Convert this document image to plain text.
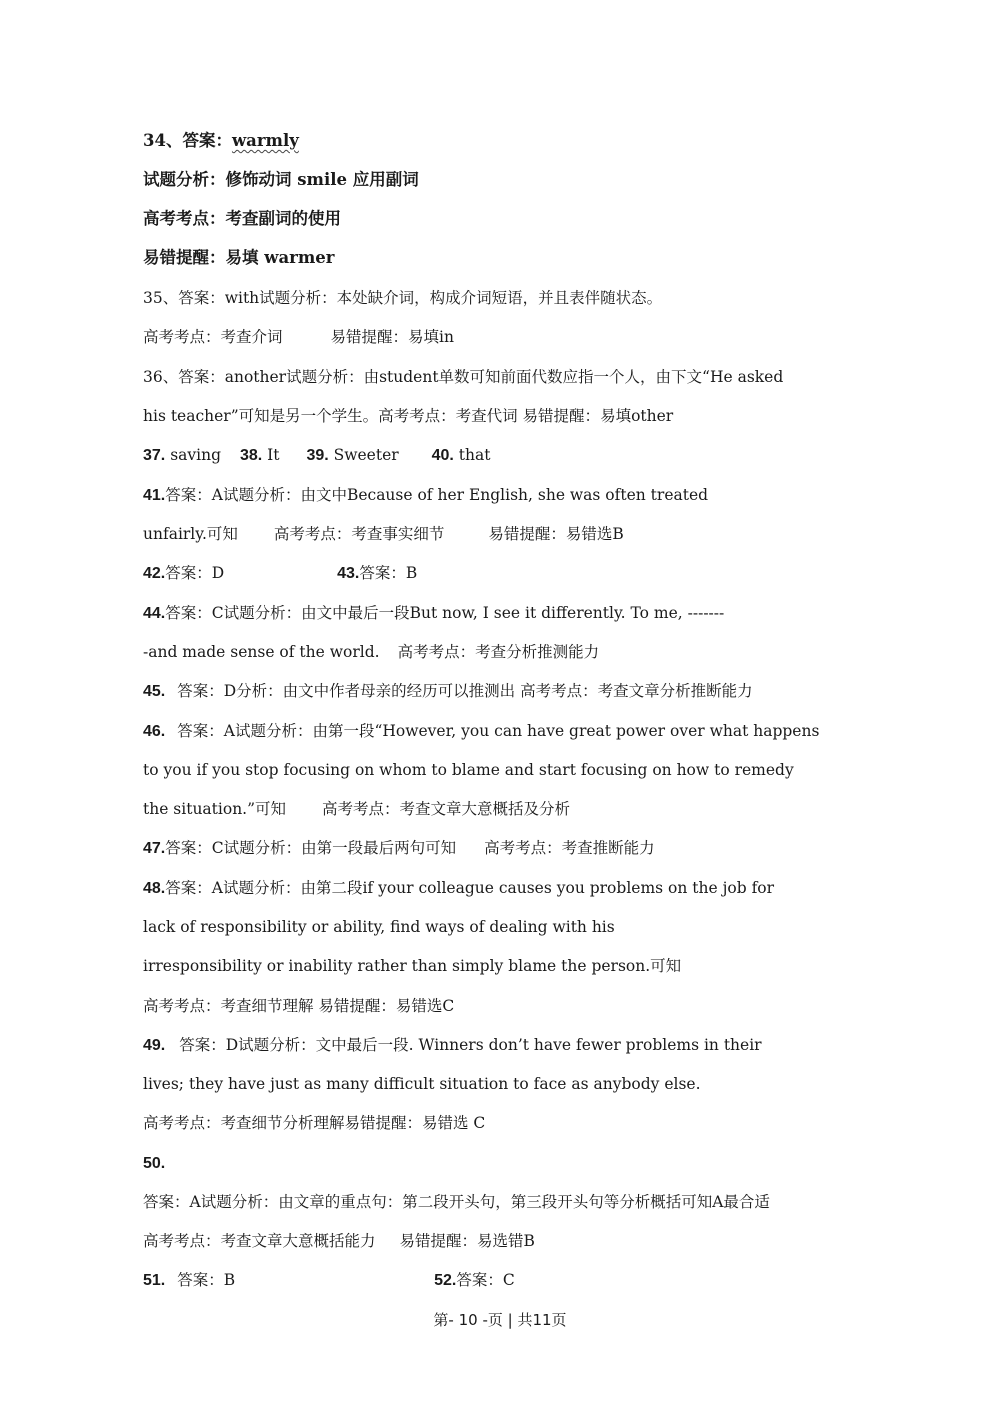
34、答案：warmly
试题分析：修饰动词 smile 应用副词
高考考点：考查副词的使用
易错提醒：易填 warmer
35、答案：with试题分析：本处缺介词，构成介词短语，并且表伴随状态。
高考考点：考查介词	易错提醒：易填in
36、答案：another试题分析：由student单数可知前面代数应指一个人，由下文“He asked
his teacher”可知是另一个学生。高考考点：考查代词 易错提醒：易填other
37. saving 38. It 39. Sweeter 40. that
41.答案：A试题分析：由文中Because of her English, she was often treated
unfairly.可知 高考考点：考查事实细节	易错提醒：易错选B
42.答案：D	43.答案：B
44.答案：C试题分析：由文中最后一段But now, I see it differently. To me, -------
-and made sense of the world. 高考考点：考查分析推测能力
45. 答案：D分析：由文中作者母亲的经历可以推测出 高考考点：考查文章分析推断能力
46. 答案：A试题分析：由第一段“However, you can have great power over what happens
to you if you stop focusing on whom to blame and start focusing on how to remedy
the situation.”可知 高考考点：考查文章大意概括及分析
47.答案：C试题分析：由第一段最后两句可知 高考考点：考查推断能力
48.答案：A试题分析：由第二段if your colleague causes you problems on the job for
lack of responsibility or ability, find ways of dealing with his
irresponsibility or inability rather than simply blame the person.可知
高考考点：考查细节理解 易错提醒：易错选C
49. 答案：D试题分析：文中最后一段. Winners don’t have fewer problems in their
lives; they have just as many difficult situation to face as anybody else.
高考考点：考查细节分析理解易错提醒：易错选 C
50.
答案：A试题分析：由文章的重点句：第二段开头句，第三段开头句等分析概括可知A最合适
高考考点：考查文章大意概括能力 易错提醒：易选错B
51. 答案：B	52.答案：C
第- 10 -页 | 共11页
